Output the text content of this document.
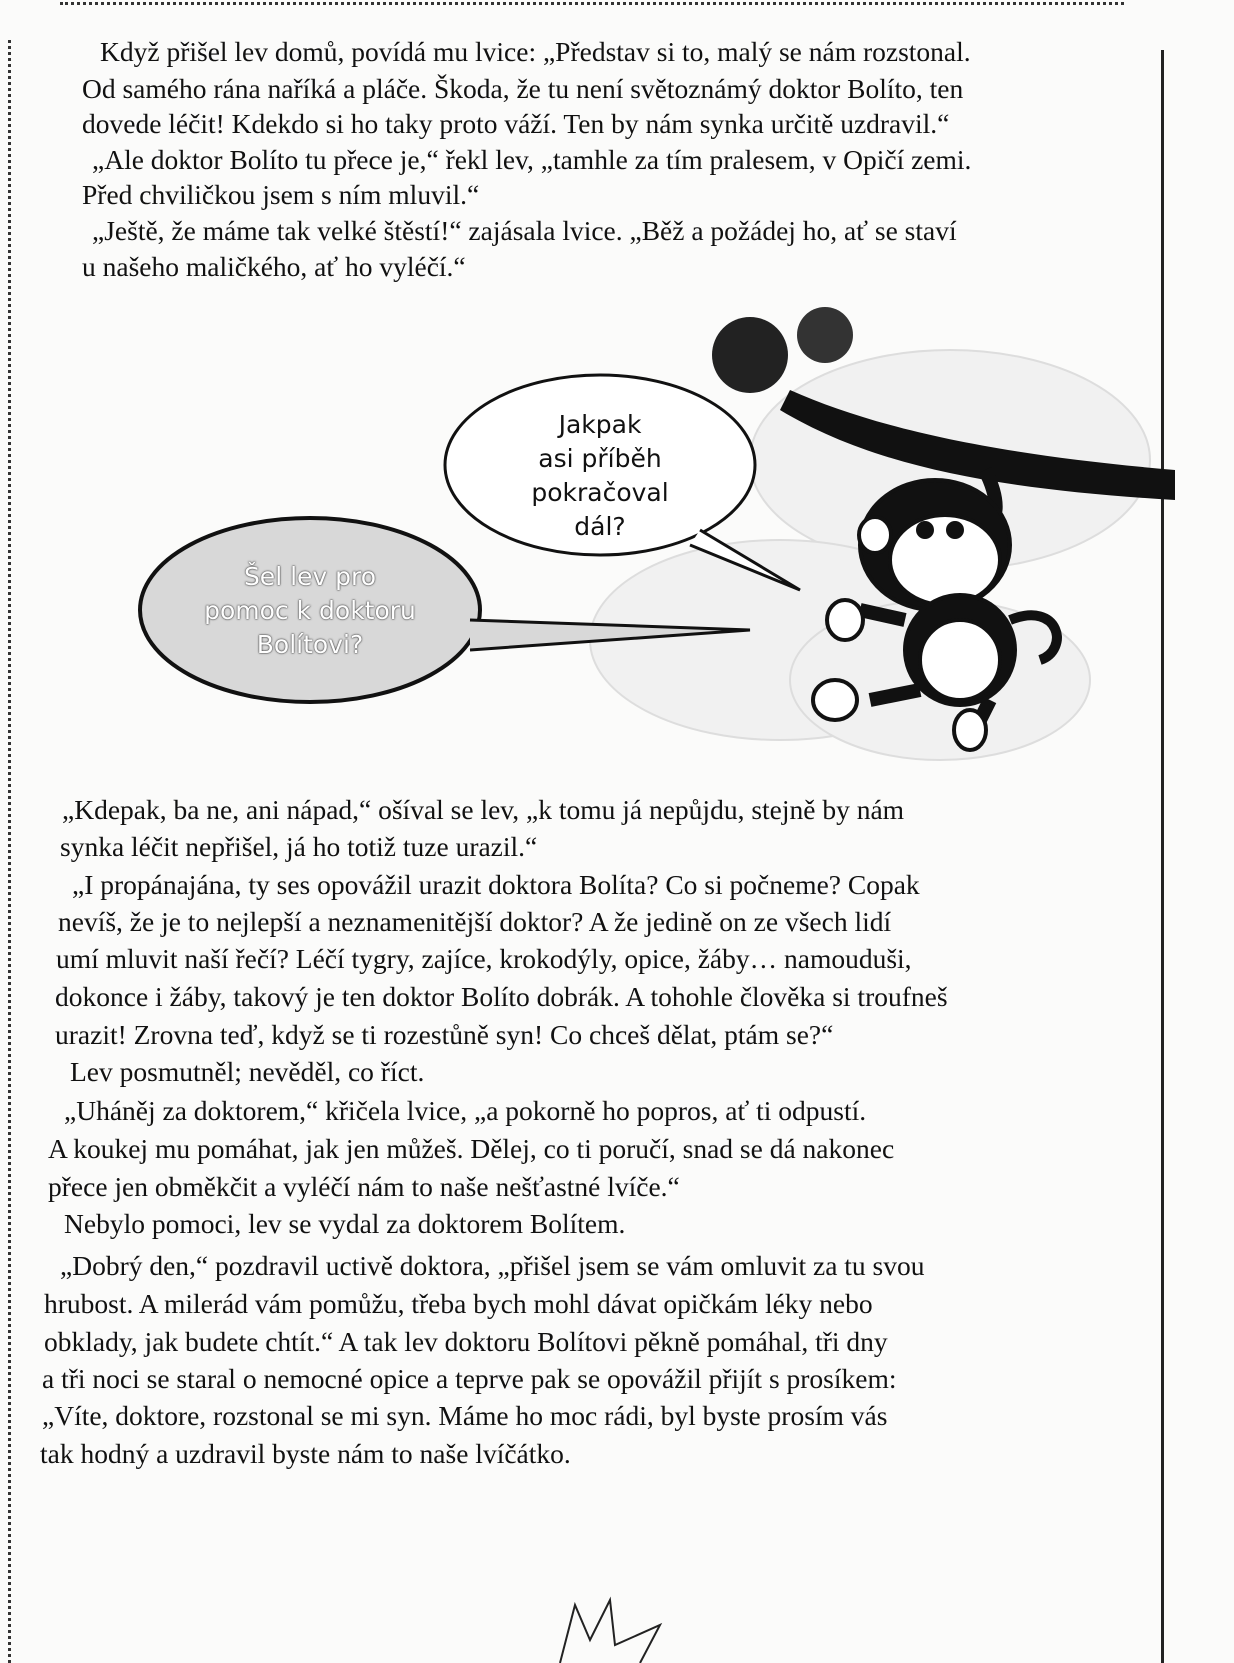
Když přišel lev domů, povídá mu lvice: „Představ si to, malý se nám rozstonal.
Od samého rána naříká a pláče. Škoda, že tu není světoznámý doktor Bolíto, ten
dovede léčit! Kdekdo si ho taky proto váží. Ten by nám synka určitě uzdravil.“
„Ale doktor Bolíto tu přece je,“ řekl lev, „tamhle za tím pralesem, v Opičí zemi.
Před chviličkou jsem s ním mluvil.“
„Ještě, že máme tak velké štěstí!“ zajásala lvice. „Běž a požádej ho, ať se staví
u našeho maličkého, ať ho vyléčí.“
Jakpak
asi příběh
pokračoval
dál?
Šel lev pro
pomoc k doktoru
Bolítovi?
„Kdepak, ba ne, ani nápad,“ ošíval se lev, „k tomu já nepůjdu, stejně by nám
synka léčit nepřišel, já ho totiž tuze urazil.“
„I propánajána, ty ses opovážil urazit doktora Bolíta? Co si počneme? Copak
nevíš, že je to nejlepší a neznamenitější doktor? A že jedině on ze všech lidí
umí mluvit naší řečí? Léčí tygry, zajíce, krokodýly, opice, žáby… namouduši,
dokonce i žáby, takový je ten doktor Bolíto dobrák. A tohohle člověka si troufneš
urazit! Zrovna teď, když se ti rozestůně syn! Co chceš dělat, ptám se?“
Lev posmutněl; nevěděl, co říct.
„Uháněj za doktorem,“ křičela lvice, „a pokorně ho popros, ať ti odpustí.
A koukej mu pomáhat, jak jen můžeš. Dělej, co ti poručí, snad se dá nakonec
přece jen obměkčit a vyléčí nám to naše nešťastné lvíče.“
Nebylo pomoci, lev se vydal za doktorem Bolítem.
„Dobrý den,“ pozdravil uctivě doktora, „přišel jsem se vám omluvit za tu svou
hrubost. A milerád vám pomůžu, třeba bych mohl dávat opičkám léky nebo
obklady, jak budete chtít.“ A tak lev doktoru Bolítovi pěkně pomáhal, tři dny
a tři noci se staral o nemocné opice a teprve pak se opovážil přijít s prosíkem:
„Víte, doktore, rozstonal se mi syn. Máme ho moc rádi, byl byste prosím vás
tak hodný a uzdravil byste nám to naše lvíčátko.
